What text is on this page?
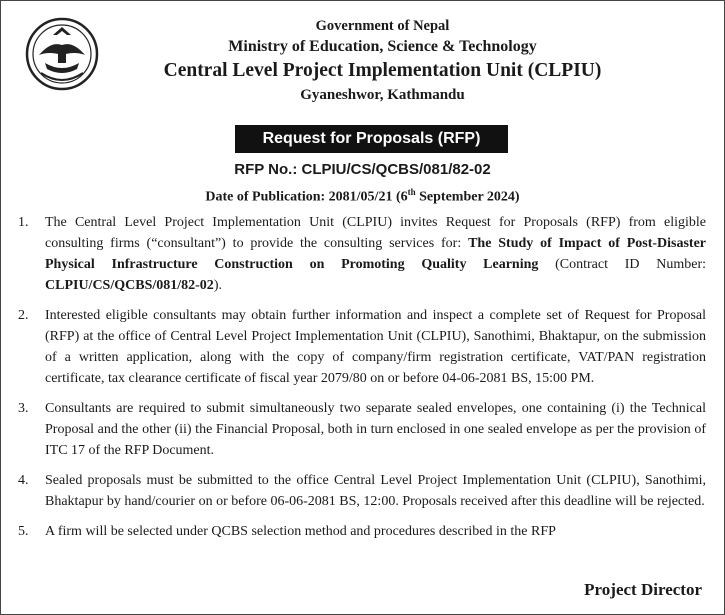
Government of Nepal
Ministry of Education, Science & Technology
Central Level Project Implementation Unit (CLPIU)
Gyaneshwor, Kathmandu
Request for Proposals (RFP)
RFP No.: CLPIU/CS/QCBS/081/82-02
Date of Publication: 2081/05/21 (6th September 2024)
1. The Central Level Project Implementation Unit (CLPIU) invites Request for Proposals (RFP) from eligible consulting firms (“consultant”) to provide the consulting services for: The Study of Impact of Post-Disaster Physical Infrastructure Construction on Promoting Quality Learning (Contract ID Number: CLPIU/CS/QCBS/081/82-02).
2. Interested eligible consultants may obtain further information and inspect a complete set of Request for Proposal (RFP) at the office of Central Level Project Implementation Unit (CLPIU), Sanothimi, Bhaktapur, on the submission of a written application, along with the copy of company/firm registration certificate, VAT/PAN registration certificate, tax clearance certificate of fiscal year 2079/80 on or before 04-06-2081 BS, 15:00 PM.
3. Consultants are required to submit simultaneously two separate sealed envelopes, one containing (i) the Technical Proposal and the other (ii) the Financial Proposal, both in turn enclosed in one sealed envelope as per the provision of ITC 17 of the RFP Document.
4. Sealed proposals must be submitted to the office Central Level Project Implementation Unit (CLPIU), Sanothimi, Bhaktapur by hand/courier on or before 06-06-2081 BS, 12:00. Proposals received after this deadline will be rejected.
5. A firm will be selected under QCBS selection method and procedures described in the RFP
Project Director
